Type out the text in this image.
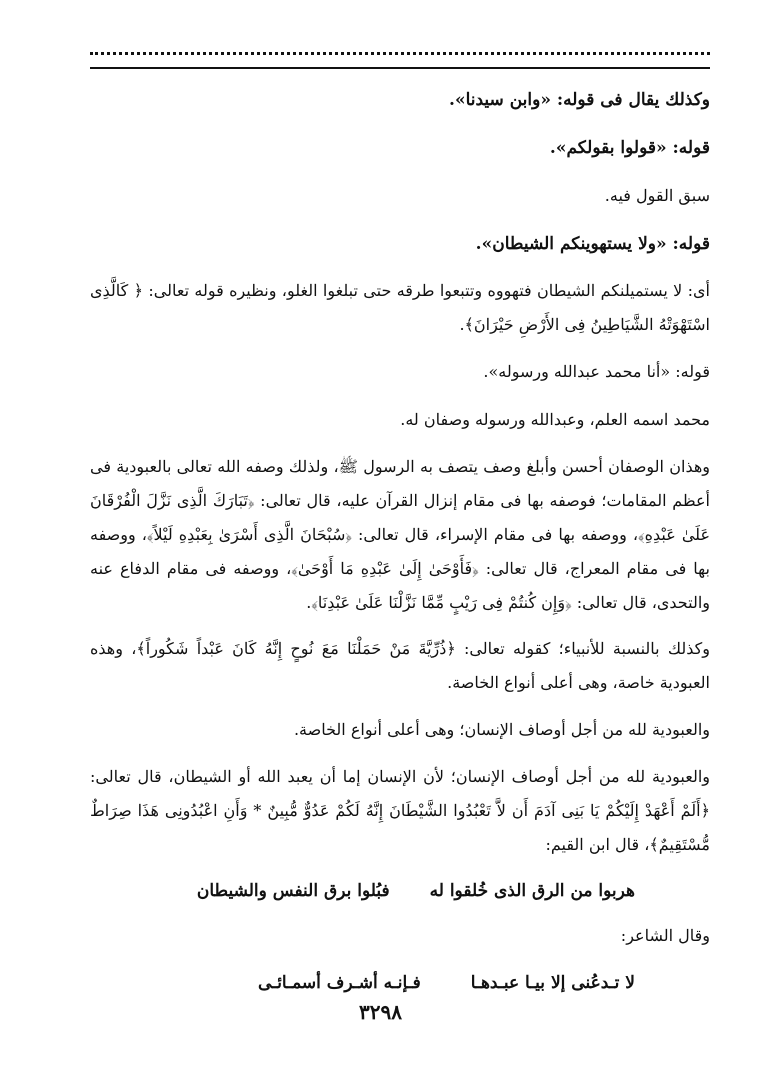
وكذلك يقال فى قوله: «وابن سيدنا».

قوله: «قولوا بقولكم».

سبق القول فيه.

قوله: «ولا يستهوينكم الشيطان».

أى: لا يستميلنكم الشيطان فتهووه وتتبعوا طرقه حتى تبلغوا الغلو، ونظيره قوله تعالى: ﴿ كَالَّذِى اسْتَهْوَتْهُ الشَّيَاطِينُ فِى الأَرْضِ حَيْرَانَ﴾.

قوله: «أنا محمد عبدالله ورسوله».

محمد اسمه العلم، وعبدالله ورسوله وصفان له.

وهذان الوصفان أحسن وأبلغ وصف يتصف به الرسول ﷺ، ولذلك وصفه الله تعالى بالعبودية فى أعظم المقامات؛ فوصفه بها فى مقام إنزال القرآن عليه، قال تعالى: ﴿تَبَارَكَ الَّذِى نَزَّلَ الْفُرْقَانَ عَلَىٰ عَبْدِهِ﴾، ووصفه بها فى مقام الإسراء، قال تعالى: ﴿سُبْحَانَ الَّذِى أَسْرَىٰ بِعَبْدِهِ لَيْلاً﴾، ووصفه بها فى مقام المعراج، قال تعالى: ﴿فَأَوْحَىٰ إِلَىٰ عَبْدِهِ مَا أَوْحَىٰ﴾، ووصفه فى مقام الدفاع عنه والتحدى، قال تعالى: ﴿وَإِن كُنتُمْ فِى رَيْبٍ مِّمَّا نَزَّلْنَا عَلَىٰ عَبْدِنَا﴾.

وكذلك بالنسبة للأنبياء؛ كقوله تعالى: ﴿ذُرِّيَّةَ مَنْ حَمَلْنَا مَعَ نُوحٍ إِنَّهُ كَانَ عَبْداً شَكُوراً﴾، وهذه العبودية خاصة، وهى أعلى أنواع الخاصة.

والعبودية لله من أجل أوصاف الإنسان؛ وهى أعلى أنواع الخاصة.

والعبودية لله من أجل أوصاف الإنسان؛ لأن الإنسان إما أن يعبد الله أو الشيطان، قال تعالى: ﴿أَلَمْ أَعْهَدْ إِلَيْكُمْ يَا بَنِى آدَمَ أَن لاَّ تَعْبُدُوا الشَّيْطَانَ إِنَّهُ لَكُمْ عَدُوٌّ مُّبِينٌ * وَأَنِ اعْبُدُونِى هَذَا صِرَاطٌ مُّسْتَقِيمٌ﴾، قال ابن القيم:

هربوا من الرق الذى خُلقوا له
فبُلوا برق النفس والشيطان

وقال الشاعر:

لا تـدعُنى إلا بيـا عبـدهـا
فـإنـه أشـرف أسمـائـى
٣٢٩٨
